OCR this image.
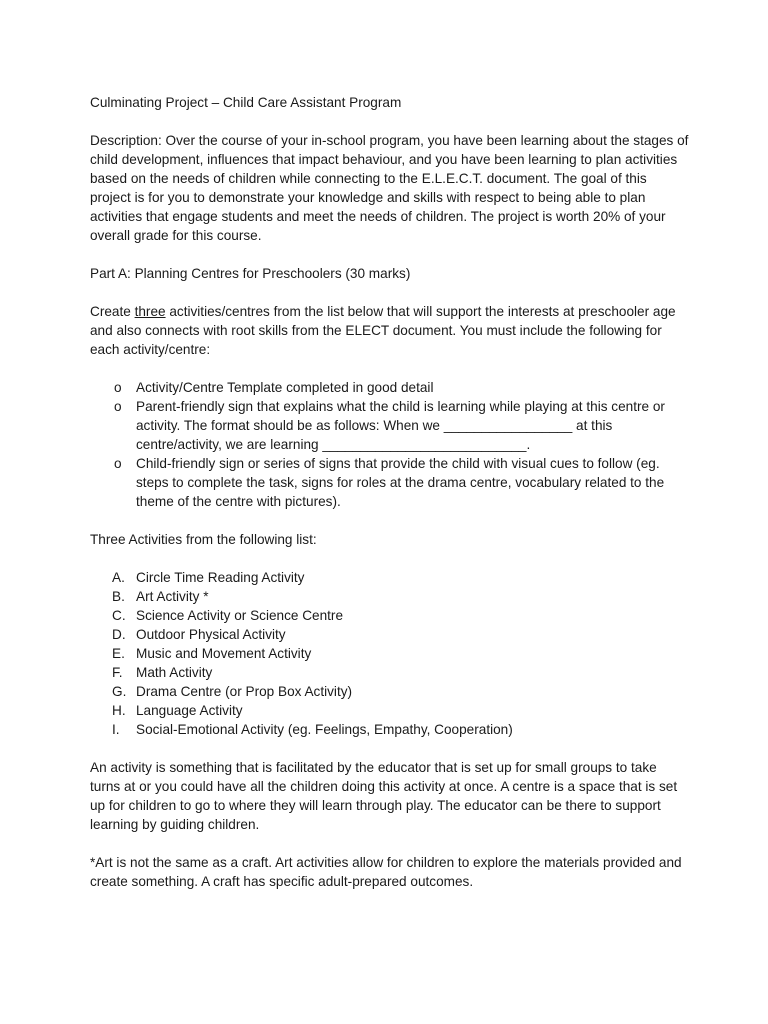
Culminating Project – Child Care Assistant Program
Description: Over the course of your in-school program, you have been learning about the stages of child development, influences that impact behaviour, and you have been learning to plan activities based on the needs of children while connecting to the E.L.E.C.T. document. The goal of this project is for you to demonstrate your knowledge and skills with respect to being able to plan activities that engage students and meet the needs of children. The project is worth 20% of your overall grade for this course.
Part A: Planning Centres for Preschoolers (30 marks)
Create three activities/centres from the list below that will support the interests at preschooler age and also connects with root skills from the ELECT document. You must include the following for each activity/centre:
o Activity/Centre Template completed in good detail
o Parent-friendly sign that explains what the child is learning while playing at this centre or activity. The format should be as follows: When we _________________ at this centre/activity, we are learning ___________________________.
o Child-friendly sign or series of signs that provide the child with visual cues to follow (eg. steps to complete the task, signs for roles at the drama centre, vocabulary related to the theme of the centre with pictures).
Three Activities from the following list:
A. Circle Time Reading Activity
B. Art Activity *
C. Science Activity or Science Centre
D. Outdoor Physical Activity
E. Music and Movement Activity
F. Math Activity
G. Drama Centre (or Prop Box Activity)
H. Language Activity
I. Social-Emotional Activity (eg. Feelings, Empathy, Cooperation)
An activity is something that is facilitated by the educator that is set up for small groups to take turns at or you could have all the children doing this activity at once. A centre is a space that is set up for children to go to where they will learn through play. The educator can be there to support learning by guiding children.
*Art is not the same as a craft. Art activities allow for children to explore the materials provided and create something. A craft has specific adult-prepared outcomes.
